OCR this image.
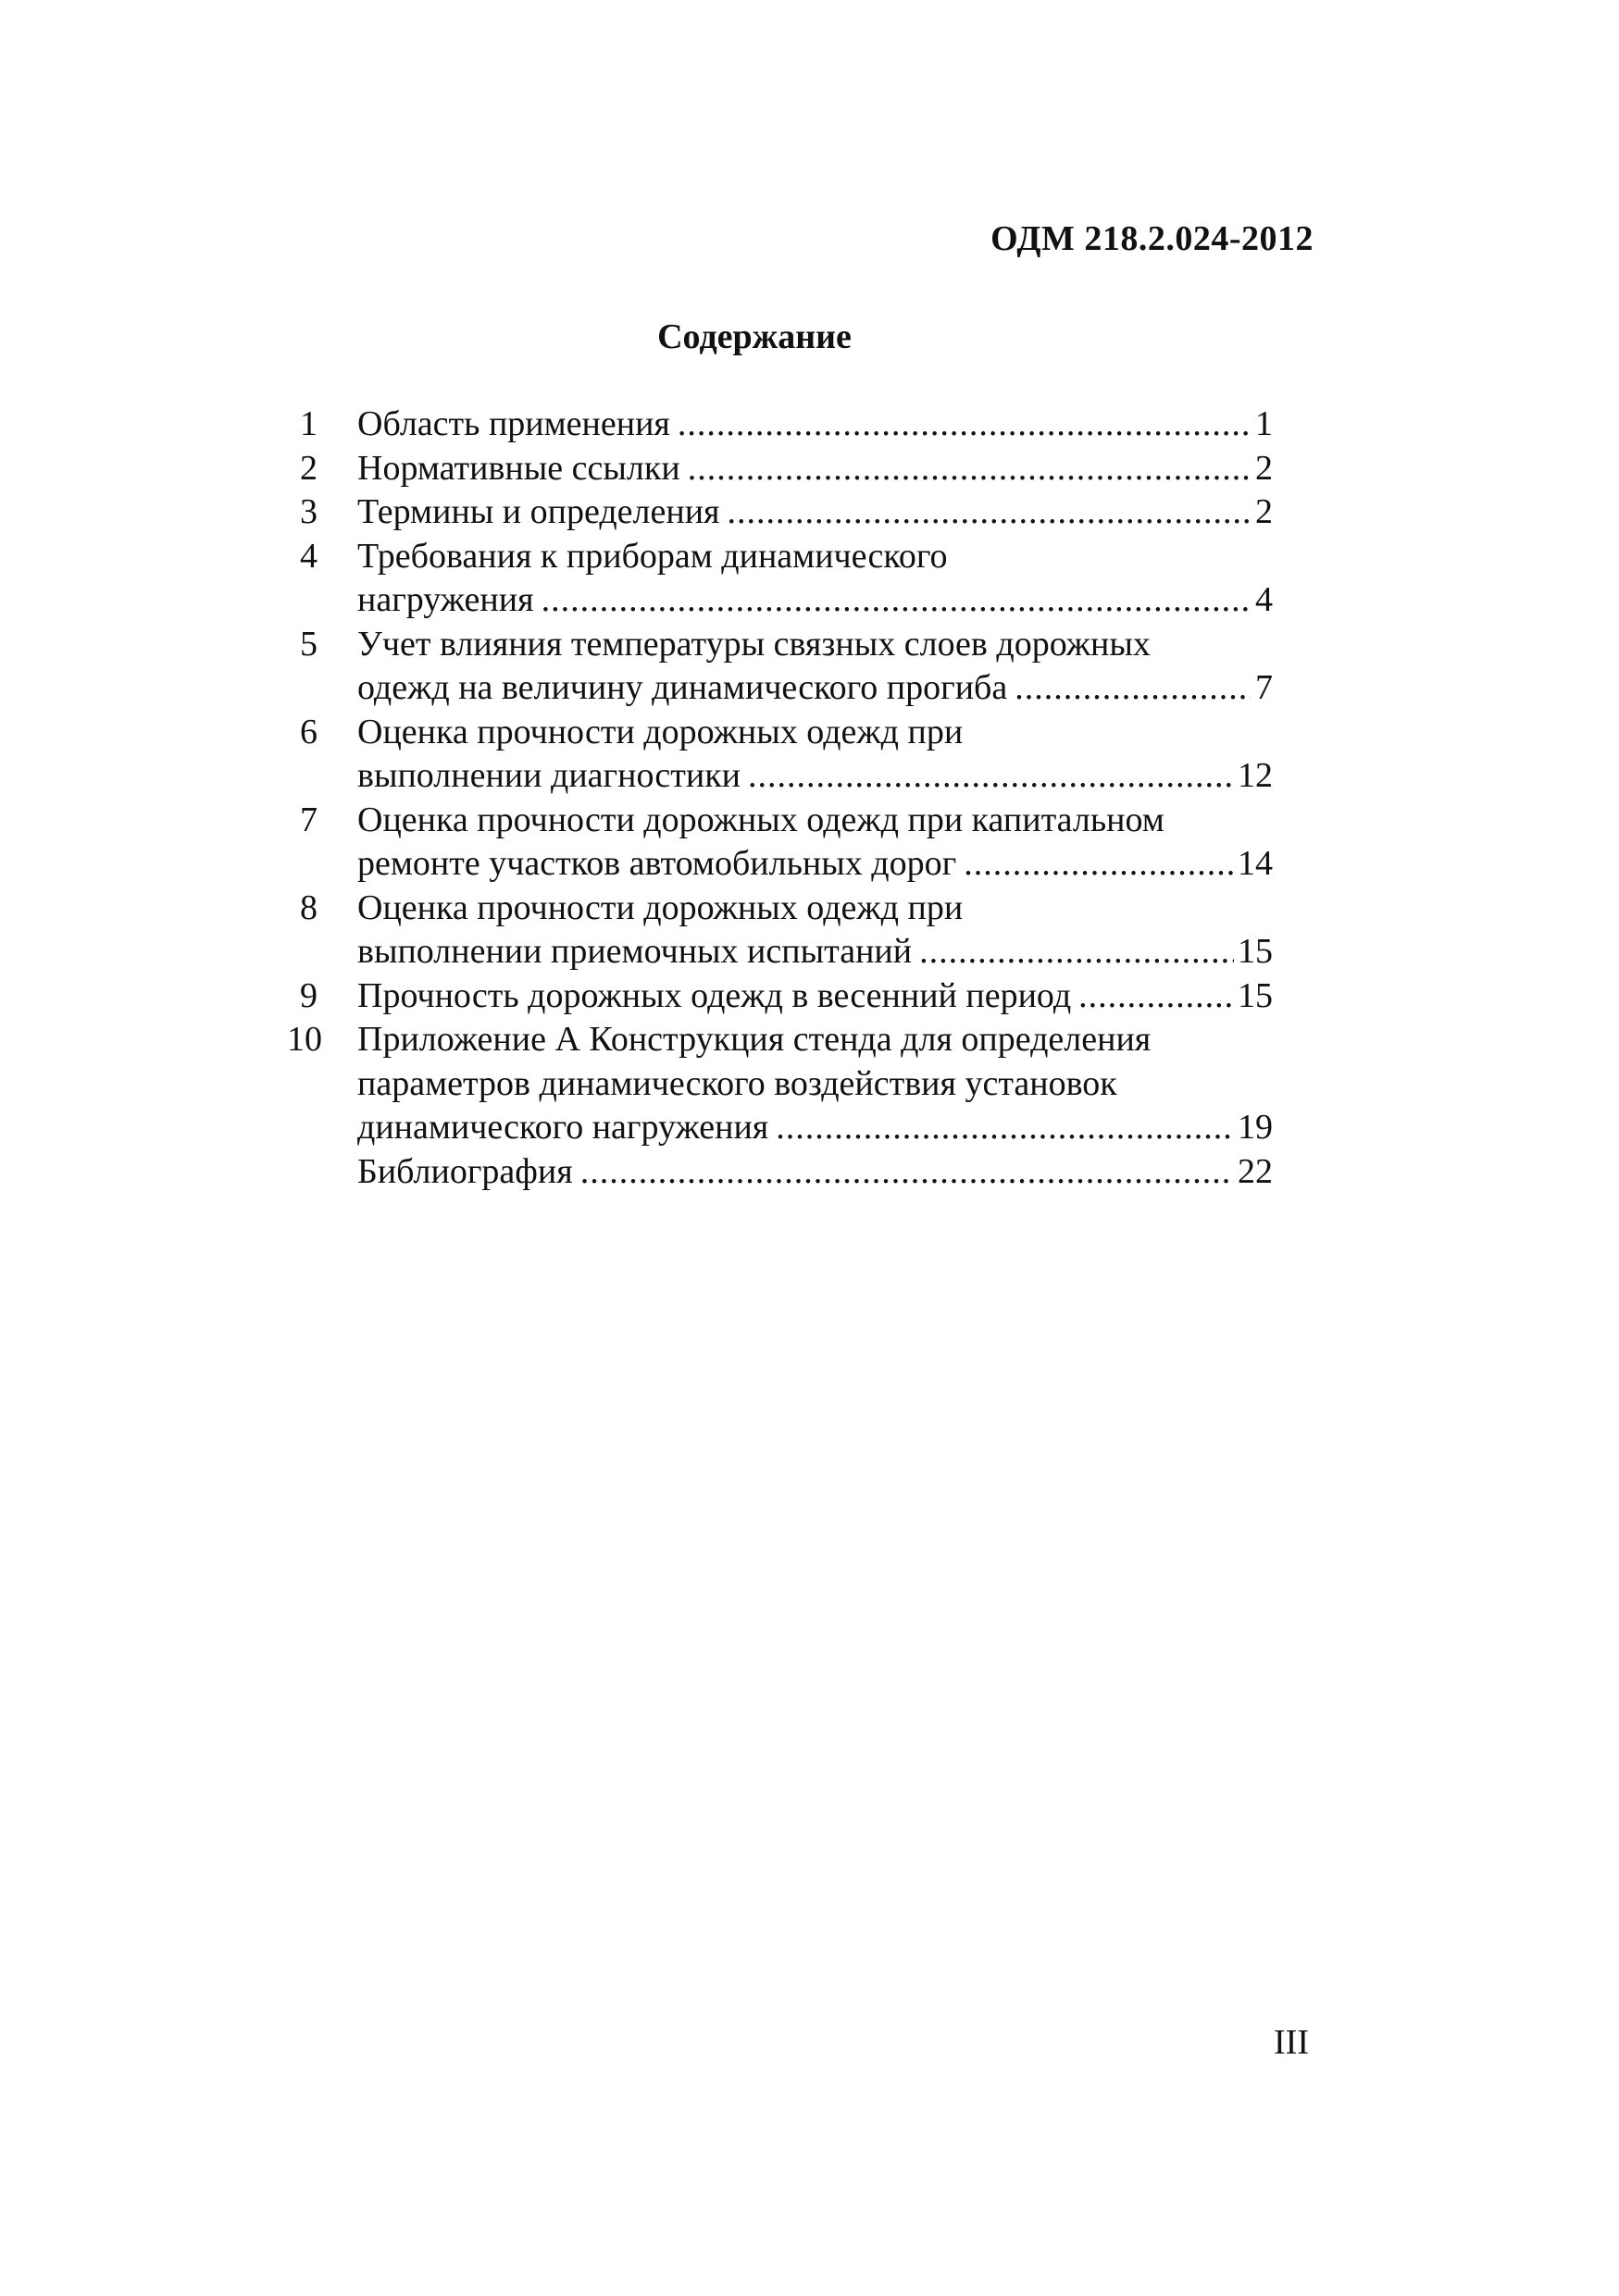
ОДМ 218.2.024-2012
Содержание
1	Область применения .....	1
2	Нормативные ссылки .....	2
3	Термины и определения .....	2
4	Требования к приборам динамического
нагружения .....	4
5	Учет влияния температуры связных слоев дорожных
одежд на величину динамического прогиба .....	7
6	Оценка прочности дорожных одежд при
выполнении диагностики .....	12
7	Оценка прочности дорожных одежд при капитальном
ремонте участков автомобильных дорог .....	14
8	Оценка прочности дорожных одежд при
выполнении приемочных испытаний .....	15
9	Прочность дорожных одежд в весенний период .....	15
10	Приложение А Конструкция стенда для определения
параметров динамического воздействия установок
динамического нагружения .....	19
Библиография .....	22
III
